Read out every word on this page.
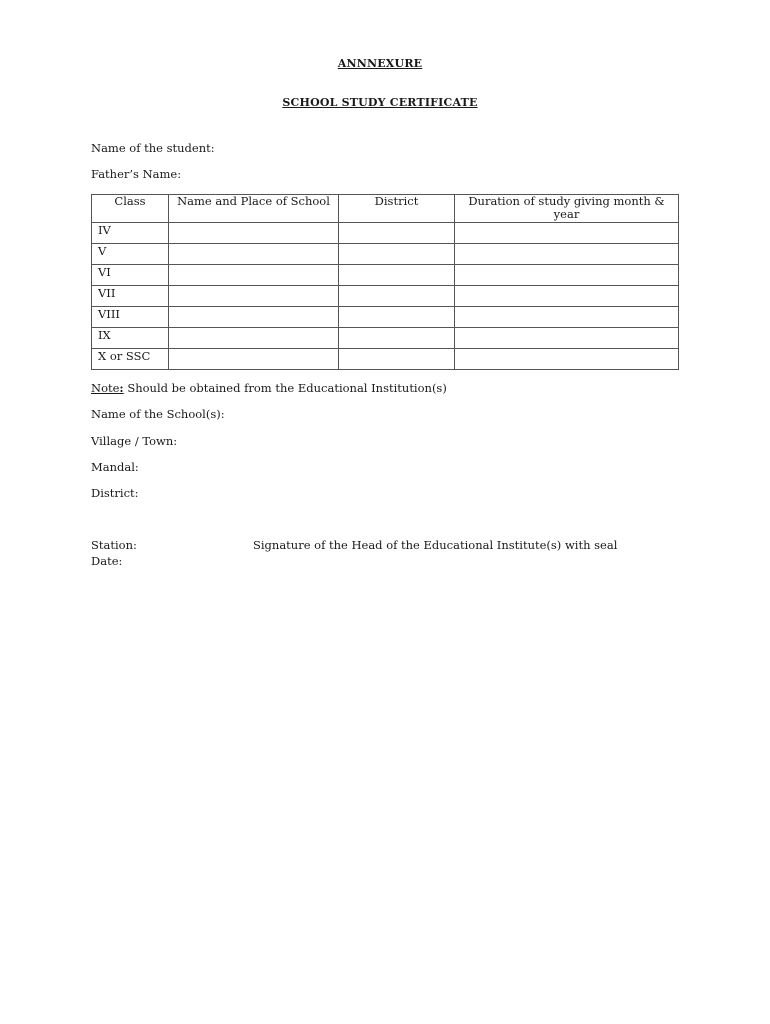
ANNNEXURE
SCHOOL STUDY CERTIFICATE
Name of the student:
Father’s Name:
Class	Name and Place of School	District	Duration of study giving month & year
IV			
V			
VI			
VII			
VIII			
IX			
X or SSC			
Note: Should be obtained from the Educational Institution(s)
Name of the School(s):
Village / Town:
Mandal:
District:
Station:	Signature of the Head of the Educational Institute(s) with seal
Date:
